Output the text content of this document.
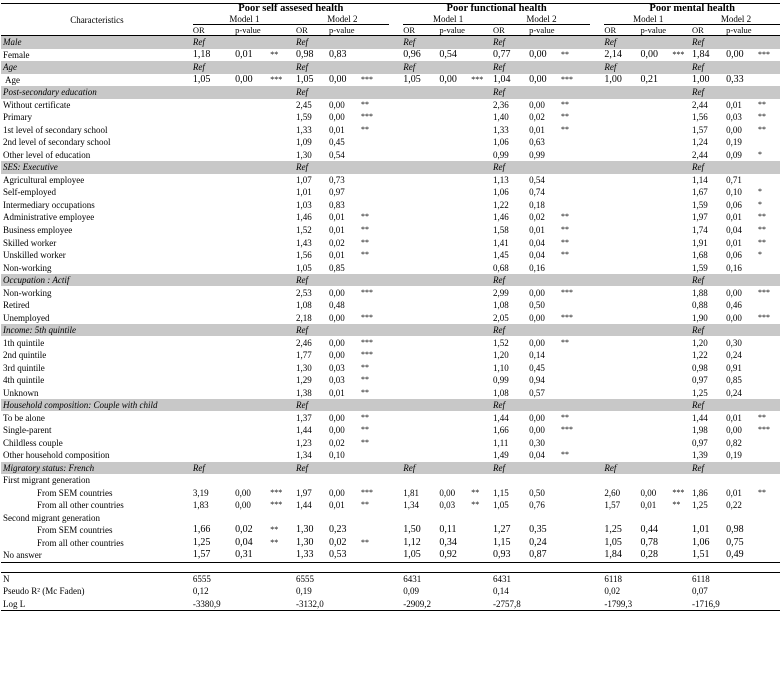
Characteristics	Poor self assesed health							Poor functional health							Poor mental health					
	Model 1			Model 2				Model 1			Model 2				Model 1			Model 2		
	OR	p-value		OR	p-value			OR	p-value		OR	p-value			OR	p-value		OR	p-value	
Male	Ref			Ref				Ref			Ref				Ref			Ref		
Female	1,18	0,01	**	0,98	0,83			0,96	0,54		0,77	0,00	**		2,14	0,00	***	1,84	0,00	***
Age	Ref			Ref				Ref			Ref				Ref			Ref		
Age	1,05	0,00	***	1,05	0,00	***		1,05	0,00	***	1,04	0,00	***		1,00	0,21		1,00	0,33	
Post-secondary education				Ref							Ref							Ref		
Without certificate				2,45	0,00	**					2,36	0,00	**					2,44	0,01	**
Primary				1,59	0,00	***					1,40	0,02	**					1,56	0,03	**
1st level of secondary school				1,33	0,01	**					1,33	0,01	**					1,57	0,00	**
2nd level of secondary school				1,09	0,45						1,06	0,63						1,24	0,19	
Other level of education				1,30	0,54						0,99	0,99						2,44	0,09	*
SES: Executive				Ref							Ref							Ref		
Agricultural employee				1,07	0,73						1,13	0,54						1,14	0,71	
Self-employed				1,01	0,97						1,06	0,74						1,67	0,10	*
Intermediary occupations				1,03	0,83						1,22	0,18						1,59	0,06	*
Administrative employee				1,46	0,01	**					1,46	0,02	**					1,97	0,01	**
Business employee				1,52	0,01	**					1,58	0,01	**					1,74	0,04	**
Skilled worker				1,43	0,02	**					1,41	0,04	**					1,91	0,01	**
Unskilled worker				1,56	0,01	**					1,45	0,04	**					1,68	0,06	*
Non-working				1,05	0,85						0,68	0,16						1,59	0,16	
Occupation : Actif				Ref							Ref							Ref		
Non-working				2,53	0,00	***					2,99	0,00	***					1,88	0,00	***
Retired				1,08	0,48						1,08	0,50						0,88	0,46	
Unemployed				2,18	0,00	***					2,05	0,00	***					1,90	0,00	***
Income: 5th quintile				Ref							Ref							Ref		
1th quintile				2,46	0,00	***					1,52	0,00	**					1,20	0,30	
2nd quintile				1,77	0,00	***					1,20	0,14						1,22	0,24	
3rd quintile				1,30	0,03	**					1,10	0,45						0,98	0,91	
4th quintile				1,29	0,03	**					0,99	0,94						0,97	0,85	
Unknown				1,38	0,01	**					1,08	0,57						1,25	0,24	
Household composition: Couple with child				Ref							Ref							Ref		
To be alone				1,37	0,00	**					1,44	0,00	**					1,44	0,01	**
Single-parent				1,44	0,00	**					1,66	0,00	***					1,98	0,00	***
Childless couple				1,23	0,02	**					1,11	0,30						0,97	0,82	
Other household composition				1,34	0,10						1,49	0,04	**					1,39	0,19	
Migratory status: French	Ref			Ref				Ref			Ref				Ref			Ref		
First migrant generation																				
From SEM countries	3,19	0,00	***	1,97	0,00	***		1,81	0,00	**	1,15	0,50			2,60	0,00	***	1,86	0,01	**
From all other countries	1,83	0,00	***	1,44	0,01	**		1,34	0,03	**	1,05	0,76			1,57	0,01	**	1,25	0,22	
Second migrant generation																				
From SEM countries	1,66	0,02	**	1,30	0,23			1,50	0,11		1,27	0,35			1,25	0,44		1,01	0,98	
From all other countries	1,25	0,04	**	1,30	0,02	**		1,12	0,34		1,15	0,24			1,05	0,78		1,06	0,75	
No answer	1,57	0,31		1,33	0,53			1,05	0,92		0,93	0,87			1,84	0,28		1,51	0,49	

N	6555			6555				6431			6431				6118			6118		
Pseudo R² (Mc Faden)	0,12			0,19				0,09			0,14				0,02			0,07		
Log L	-3380,9			-3132,0				-2909,2			-2757,8				-1799,3			-1716,9		
